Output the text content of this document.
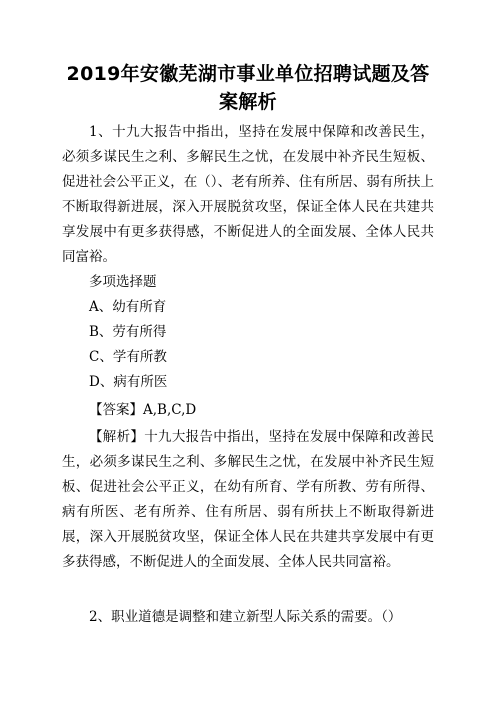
2019年安徽芜湖市事业单位招聘试题及答案解析
1、十九大报告中指出，坚持在发展中保障和改善民生，必须多谋民生之利、多解民生之忧，在发展中补齐民生短板、促进社会公平正义，在（）、老有所养、住有所居、弱有所扶上不断取得新进展，深入开展脱贫攻坚，保证全体人民在共建共享发展中有更多获得感，不断促进人的全面发展、全体人民共同富裕。
多项选择题
A、幼有所育
B、劳有所得
C、学有所教
D、病有所医
【答案】A,B,C,D
【解析】十九大报告中指出，坚持在发展中保障和改善民生，必须多谋民生之利、多解民生之忧，在发展中补齐民生短板、促进社会公平正义，在幼有所育、学有所教、劳有所得、病有所医、老有所养、住有所居、弱有所扶上不断取得新进展，深入开展脱贫攻坚，保证全体人民在共建共享发展中有更多获得感，不断促进人的全面发展、全体人民共同富裕。
2、职业道德是调整和建立新型人际关系的需要。（）
